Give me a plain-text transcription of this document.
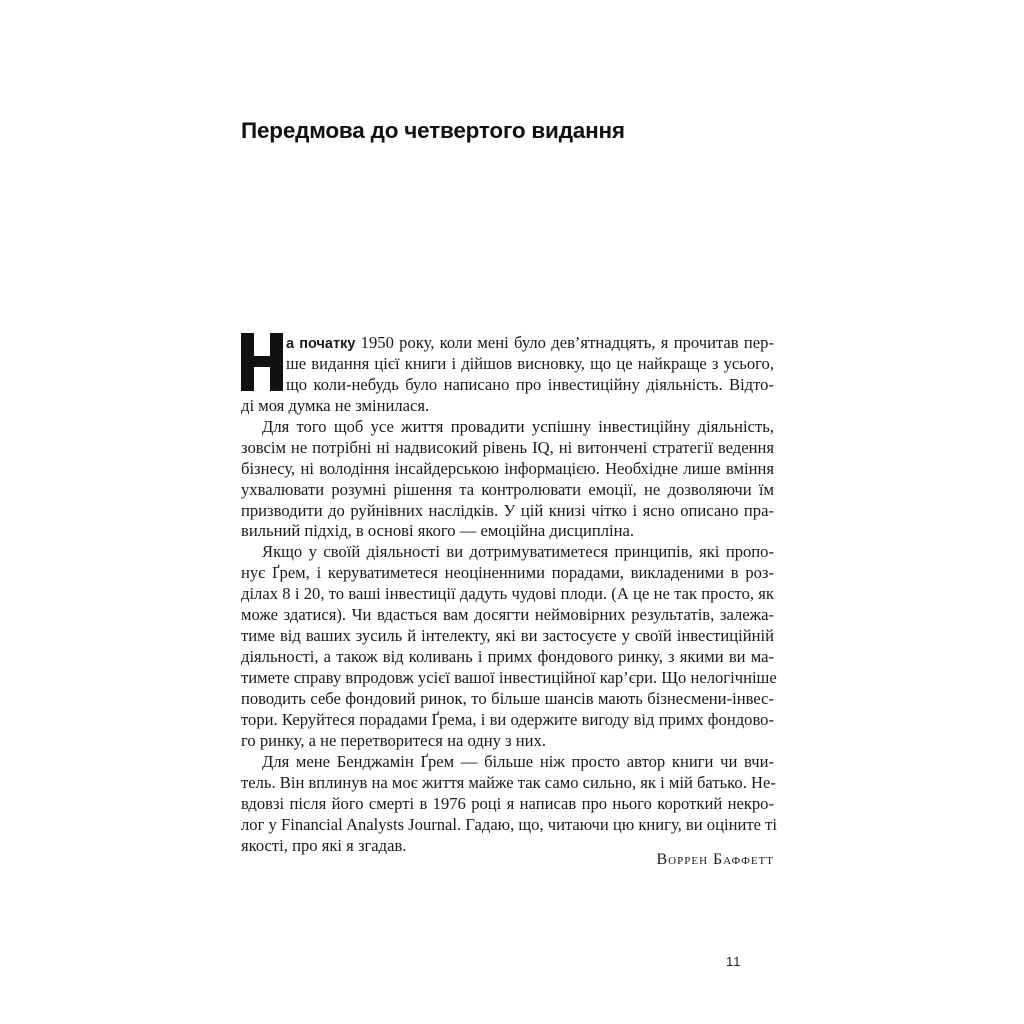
Передмова до четвертого видання
а початку 1950 року, коли мені було дев’ятнадцять, я прочитав пер-
ше видання цієї книги і дійшов висновку, що це найкраще з усього,
що коли-небудь було написано про інвестиційну діяльність. Відто-
ді моя думка не змінилася.
Для того щоб усе життя провадити успішну інвестиційну діяльність,
зовсім не потрібні ні надвисокий рівень IQ, ні витончені стратегії ведення
бізнесу, ні володіння інсайдерською інформацією. Необхідне лише вміння
ухвалювати розумні рішення та контролювати емоції, не дозволяючи їм
призводити до руйнівних наслідків. У цій книзі чітко і ясно описано пра-
вильний підхід, в основі якого — емоційна дисципліна.
Якщо у своїй діяльності ви дотримуватиметеся принципів, які пропо-
нує Ґрем, і керуватиметеся неоціненними порадами, викладеними в роз-
ділах 8 і 20, то ваші інвестиції дадуть чудові плоди. (А це не так просто, як
може здатися). Чи вдасться вам досягти неймовірних результатів, залежа-
тиме від ваших зусиль й інтелекту, які ви застосуєте у своїй інвестиційній
діяльності, а також від коливань і примх фондового ринку, з якими ви ма-
тимете справу впродовж усієї вашої інвестиційної кар’єри. Що нелогічніше
поводить себе фондовий ринок, то більше шансів мають бізнесмени-інвес-
тори. Керуйтеся порадами Ґрема, і ви одержите вигоду від примх фондово-
го ринку, а не перетворитеся на одну з них.
Для мене Бенджамін Ґрем — більше ніж просто автор книги чи вчи-
тель. Він вплинув на моє життя майже так само сильно, як і мій батько. Не-
вдовзі після його смерті в 1976 році я написав про нього короткий некро-
лог у Financial Analysts Journal. Гадаю, що, читаючи цю книгу, ви оціните ті
якості, про які я згадав.
Воррен Баффетт
11
